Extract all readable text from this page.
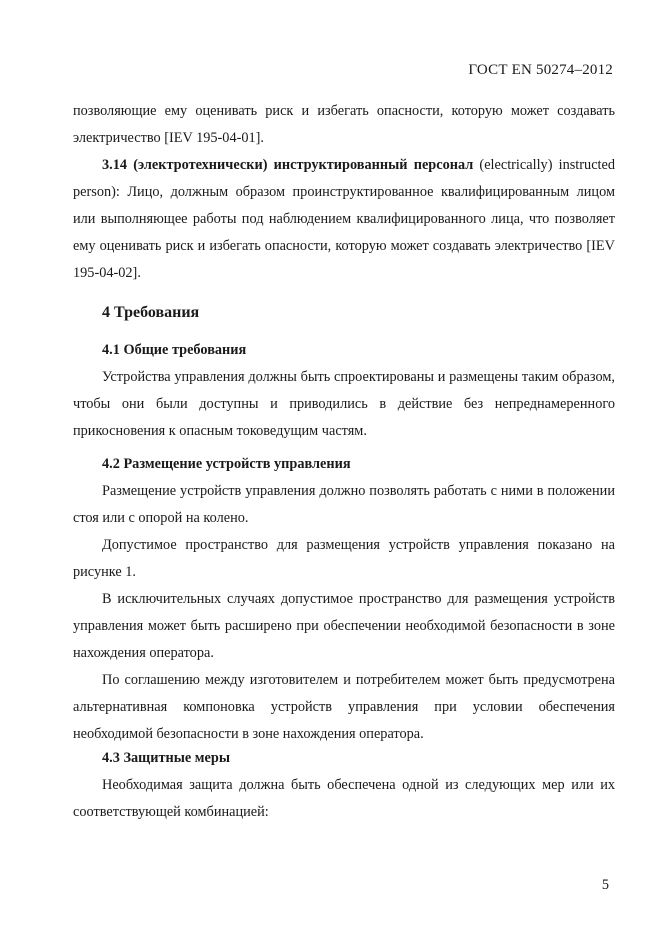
ГОСТ EN 50274–2012

позволяющие ему оценивать риск и избегать опасности, которую может создавать электричество [IEV 195-04-01].

3.14 (электротехнически) инструктированный персонал (electrically) instructed person): Лицо, должным образом проинструктированное квалифицированным лицом или выполняющее работы под наблюдением квалифицированного лица, что позволяет ему оценивать риск и избегать опасности, которую может создавать электричество [IEV 195-04-02].

4 Требования

4.1 Общие требования

Устройства управления должны быть спроектированы и размещены таким образом, чтобы они были доступны и приводились в действие без непреднамеренного прикосновения к опасным токоведущим частям.

4.2 Размещение устройств управления

Размещение устройств управления должно позволять работать с ними в положении стоя или с опорой на колено.

Допустимое пространство для размещения устройств управления показано на рисунке 1.

В исключительных случаях допустимое пространство для размещения устройств управления может быть расширено при обеспечении необходимой безопасности в зоне нахождения оператора.

По соглашению между изготовителем и потребителем может быть предусмотрена альтернативная компоновка устройств управления при условии обеспечения необходимой безопасности в зоне нахождения оператора.

4.3 Защитные меры

Необходимая защита должна быть обеспечена одной из следующих мер или их соответствующей комбинацией:

5
